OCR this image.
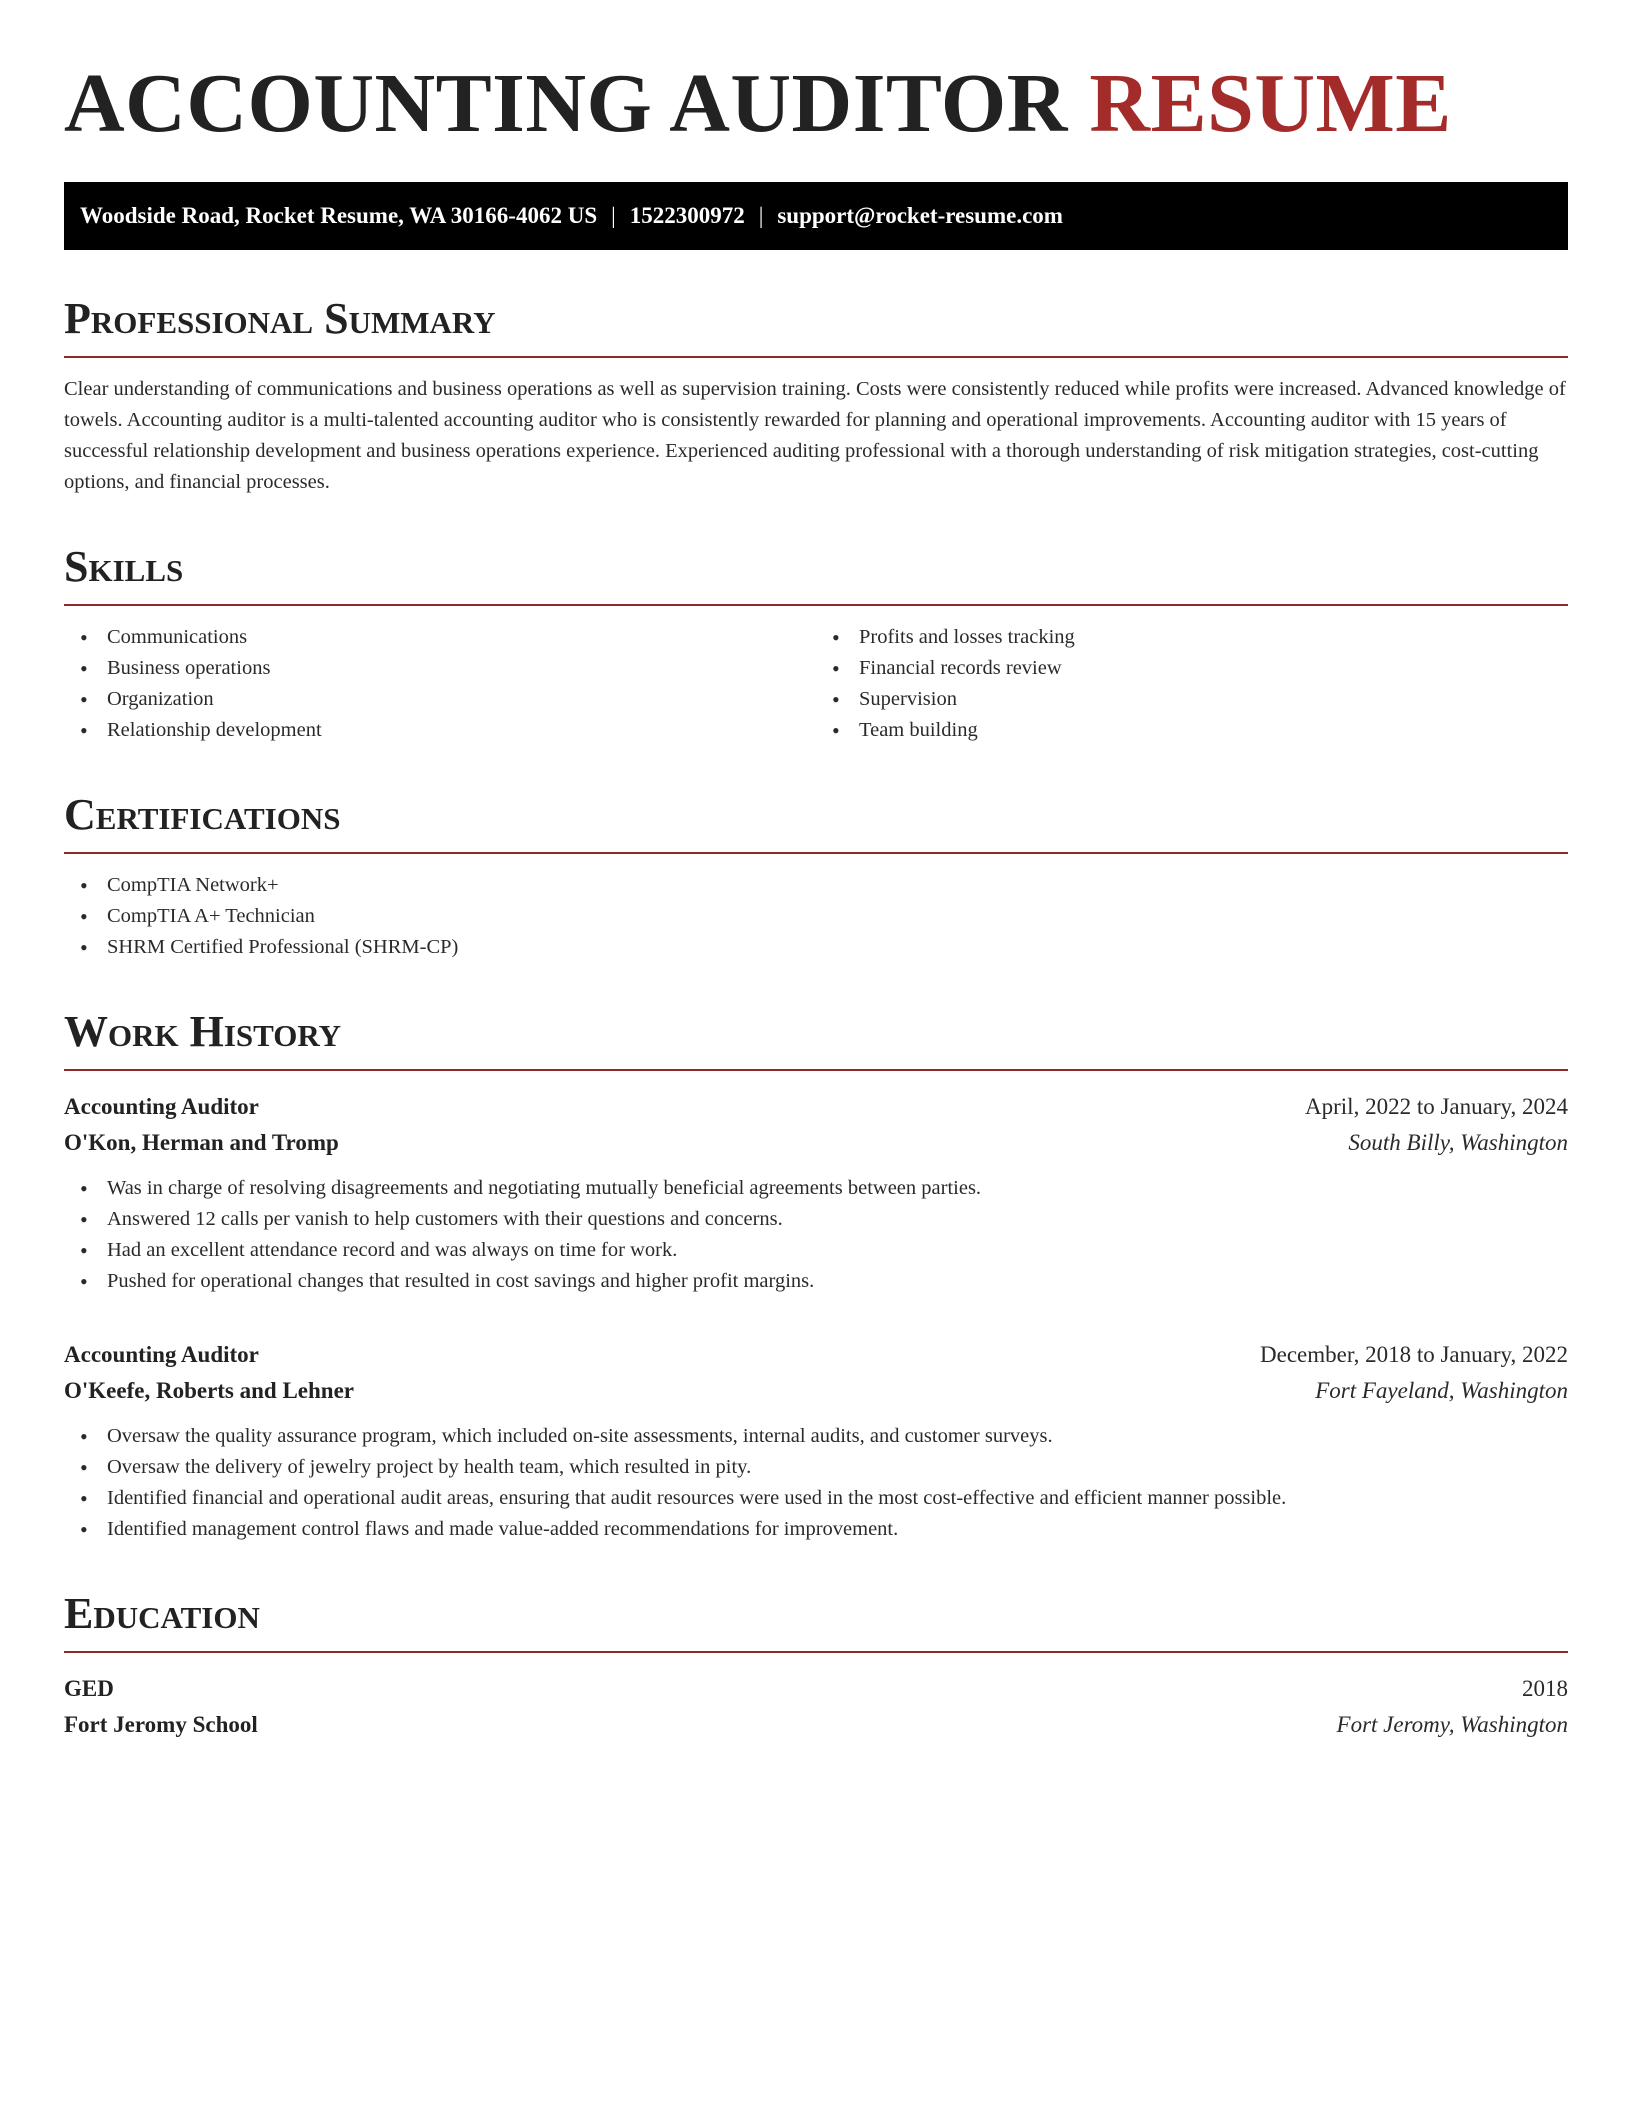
ACCOUNTING AUDITOR RESUME
Woodside Road, Rocket Resume, WA 30166-4062 US | 1522300972 | support@rocket-resume.com
Professional Summary

Clear understanding of communications and business operations as well as supervision training. Costs were consistently reduced while profits were increased. Advanced knowledge of towels. Accounting auditor is a multi-talented accounting auditor who is consistently rewarded for planning and operational improvements. Accounting auditor with 15 years of successful relationship development and business operations experience. Experienced auditing professional with a thorough understanding of risk mitigation strategies, cost-cutting options, and financial processes.

Skills
• Communications
• Business operations
• Organization
• Relationship development
• Profits and losses tracking
• Financial records review
• Supervision
• Team building
Certifications
• CompTIA Network+
• CompTIA A+ Technician
• SHRM Certified Professional (SHRM-CP)
Work History
Accounting Auditor	April, 2022 to January, 2024
O'Kon, Herman and Tromp	South Billy, Washington
• Was in charge of resolving disagreements and negotiating mutually beneficial agreements between parties.
• Answered 12 calls per vanish to help customers with their questions and concerns.
• Had an excellent attendance record and was always on time for work.
• Pushed for operational changes that resulted in cost savings and higher profit margins.
Accounting Auditor	December, 2018 to January, 2022
O'Keefe, Roberts and Lehner	Fort Fayeland, Washington
• Oversaw the quality assurance program, which included on-site assessments, internal audits, and customer surveys.
• Oversaw the delivery of jewelry project by health team, which resulted in pity.
• Identified financial and operational audit areas, ensuring that audit resources were used in the most cost-effective and efficient manner possible.
• Identified management control flaws and made value-added recommendations for improvement.
Education
GED	2018
Fort Jeromy School	Fort Jeromy, Washington
